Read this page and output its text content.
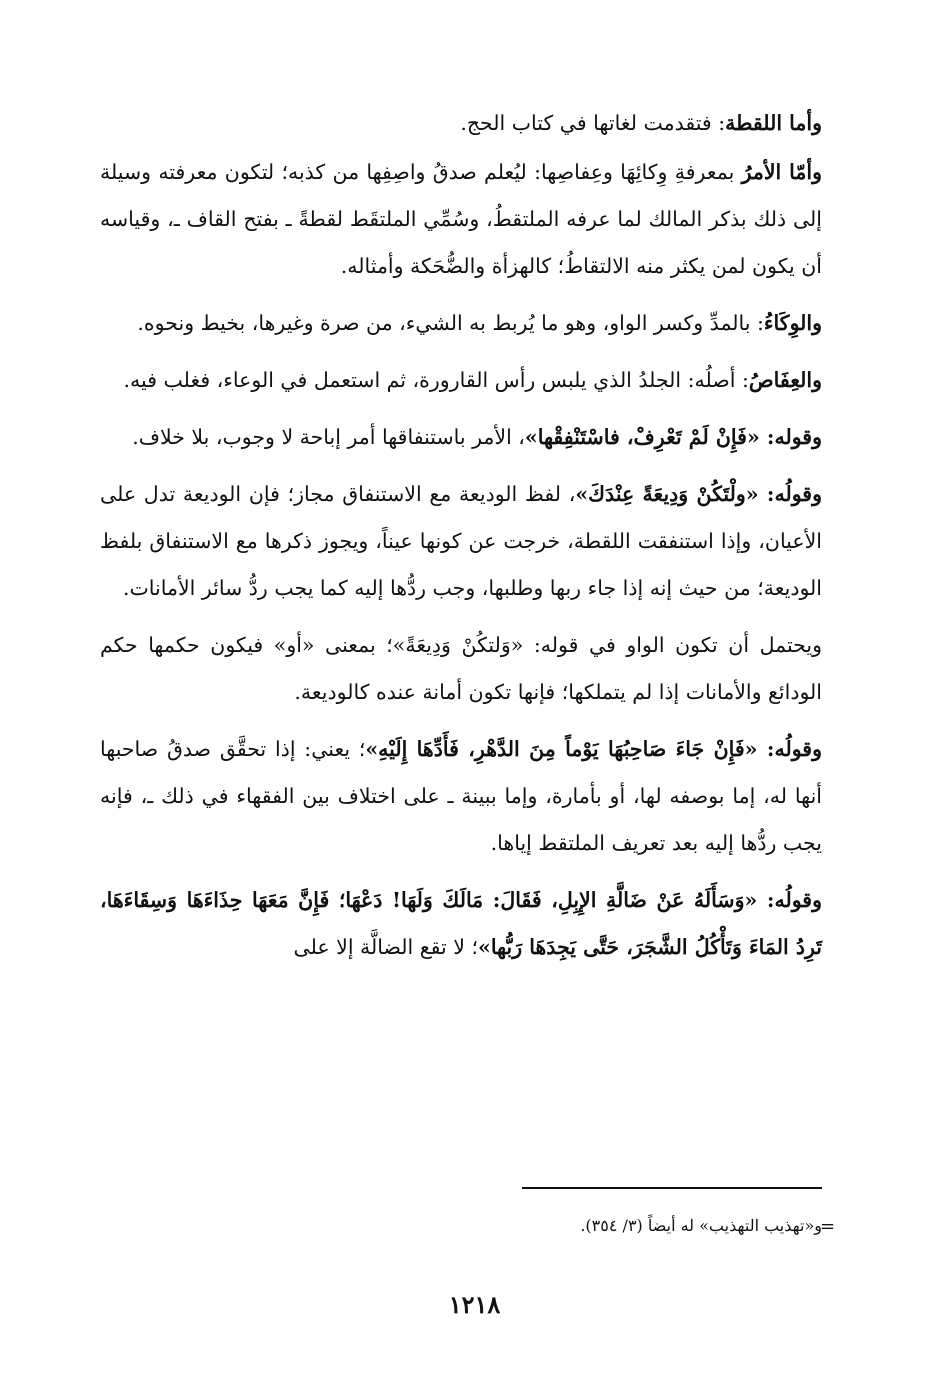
وأما اللقطة: فتقدمت لغاتها في كتاب الحج.

وأمّا الأمرُ بمعرفةِ وِكائِهَا وعِفاصِها: ليُعلم صدقُ واصِفِها من كذبه؛ لتكون معرفته وسيلة إلى ذلك بذكر المالك لما عرفه الملتقطُ، وسُمِّي الملتقَط لقطةً ـ بفتح القاف ـ، وقياسه أن يكون لمن يكثر منه الالتقاطُ؛ كالهزأة والضُّحَكة وأمثاله.

والوِكَاءُ: بالمدِّ وكسر الواو، وهو ما يُربط به الشيء، من صرة وغيرها، بخيط ونحوه.

والعِفَاصُ: أصلُه: الجلدُ الذي يلبس رأس القارورة، ثم استعمل في الوعاء، فغلب فيه.

وقوله: «فَإِنْ لَمْ تَعْرِفْ، فاسْتَنْفِقْها»، الأمر باستنفاقها أمر إباحة لا وجوب، بلا خلاف.

وقولُه: «ولْتَكُنْ وَدِيعَةً عِنْدَكَ»، لفظ الوديعة مع الاستنفاق مجاز؛ فإن الوديعة تدل على الأعيان، وإذا استنفقت اللقطة، خرجت عن كونها عيناً، ويجوز ذكرها مع الاستنفاق بلفظ الوديعة؛ من حيث إنه إذا جاء ربها وطلبها، وجب ردُّها إليه كما يجب ردُّ سائر الأمانات.

ويحتمل أن تكون الواو في قوله: «وَلتكُنْ وَدِيعَةً»؛ بمعنى «أو» فيكون حكمها حكم الودائع والأمانات إذا لم يتملكها؛ فإنها تكون أمانة عنده كالوديعة.

وقولُه: «فَإِنْ جَاءَ صَاحِبُهَا يَوْماً مِنَ الدَّهْرِ، فَأَدِّهَا إِلَيْهِ»؛ يعني: إذا تحقَّق صدقُ صاحبها أنها له، إما بوصفه لها، أو بأمارة، وإما ببينة ـ على اختلاف بين الفقهاء في ذلك ـ، فإنه يجب ردُّها إليه بعد تعريف الملتقط إياها.

وقولُه: «وَسَأَلَهُ عَنْ ضَالَّةِ الإِبِلِ، فَقَالَ: مَالَكَ وَلَهَا! دَعْهَا؛ فَإِنَّ مَعَهَا حِذَاءَهَا وَسِقَاءَهَا، تَرِدُ المَاءَ وَتَأْكُلُ الشَّجَرَ، حَتَّى يَجِدَهَا رَبُّها»؛ لا تقع الضالَّة إلا على

=
و«تهذيب التهذيب» له أيضاً (٣/ ٣٥٤).
١٢١٨
